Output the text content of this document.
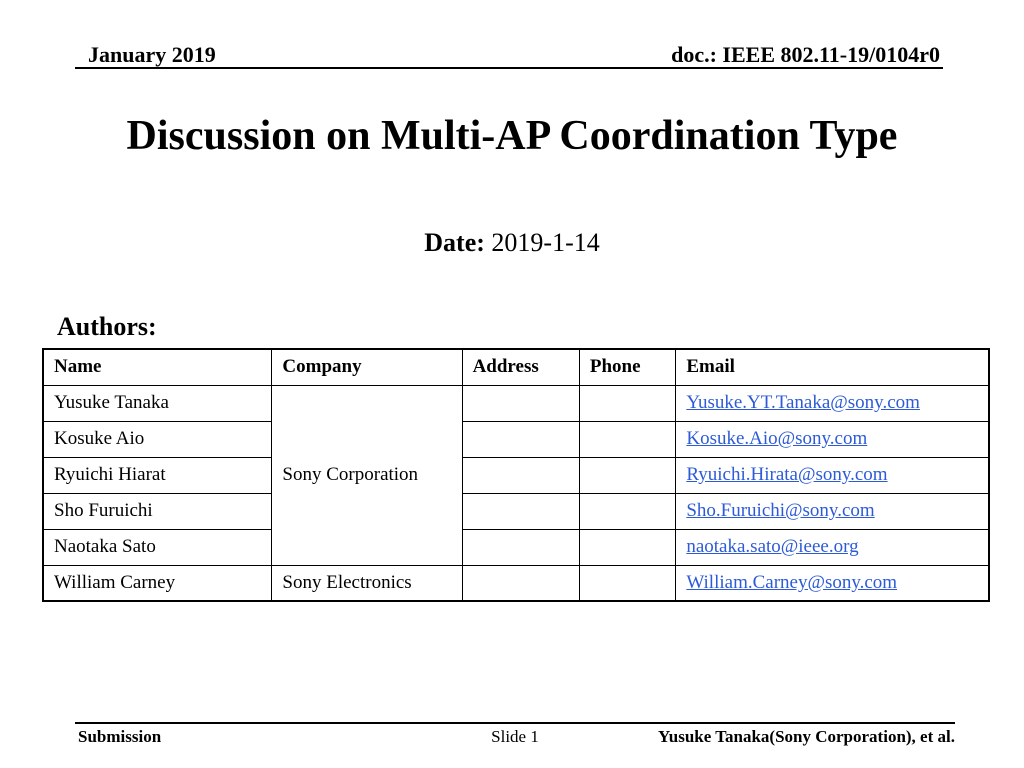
January 2019	doc.: IEEE 802.11-19/0104r0
Discussion on Multi-AP Coordination Type
Date: 2019-1-14
Authors:
Name	Company	Address	Phone	Email
Yusuke Tanaka	Sony Corporation			Yusuke.YT.Tanaka@sony.com
Kosuke Aio				Kosuke.Aio@sony.com
Ryuichi Hiarat				Ryuichi.Hirata@sony.com
Sho Furuichi				Sho.Furuichi@sony.com
Naotaka Sato				naotaka.sato@ieee.org
William Carney	Sony Electronics			William.Carney@sony.com
Submission	Slide 1	Yusuke Tanaka(Sony Corporation), et al.
